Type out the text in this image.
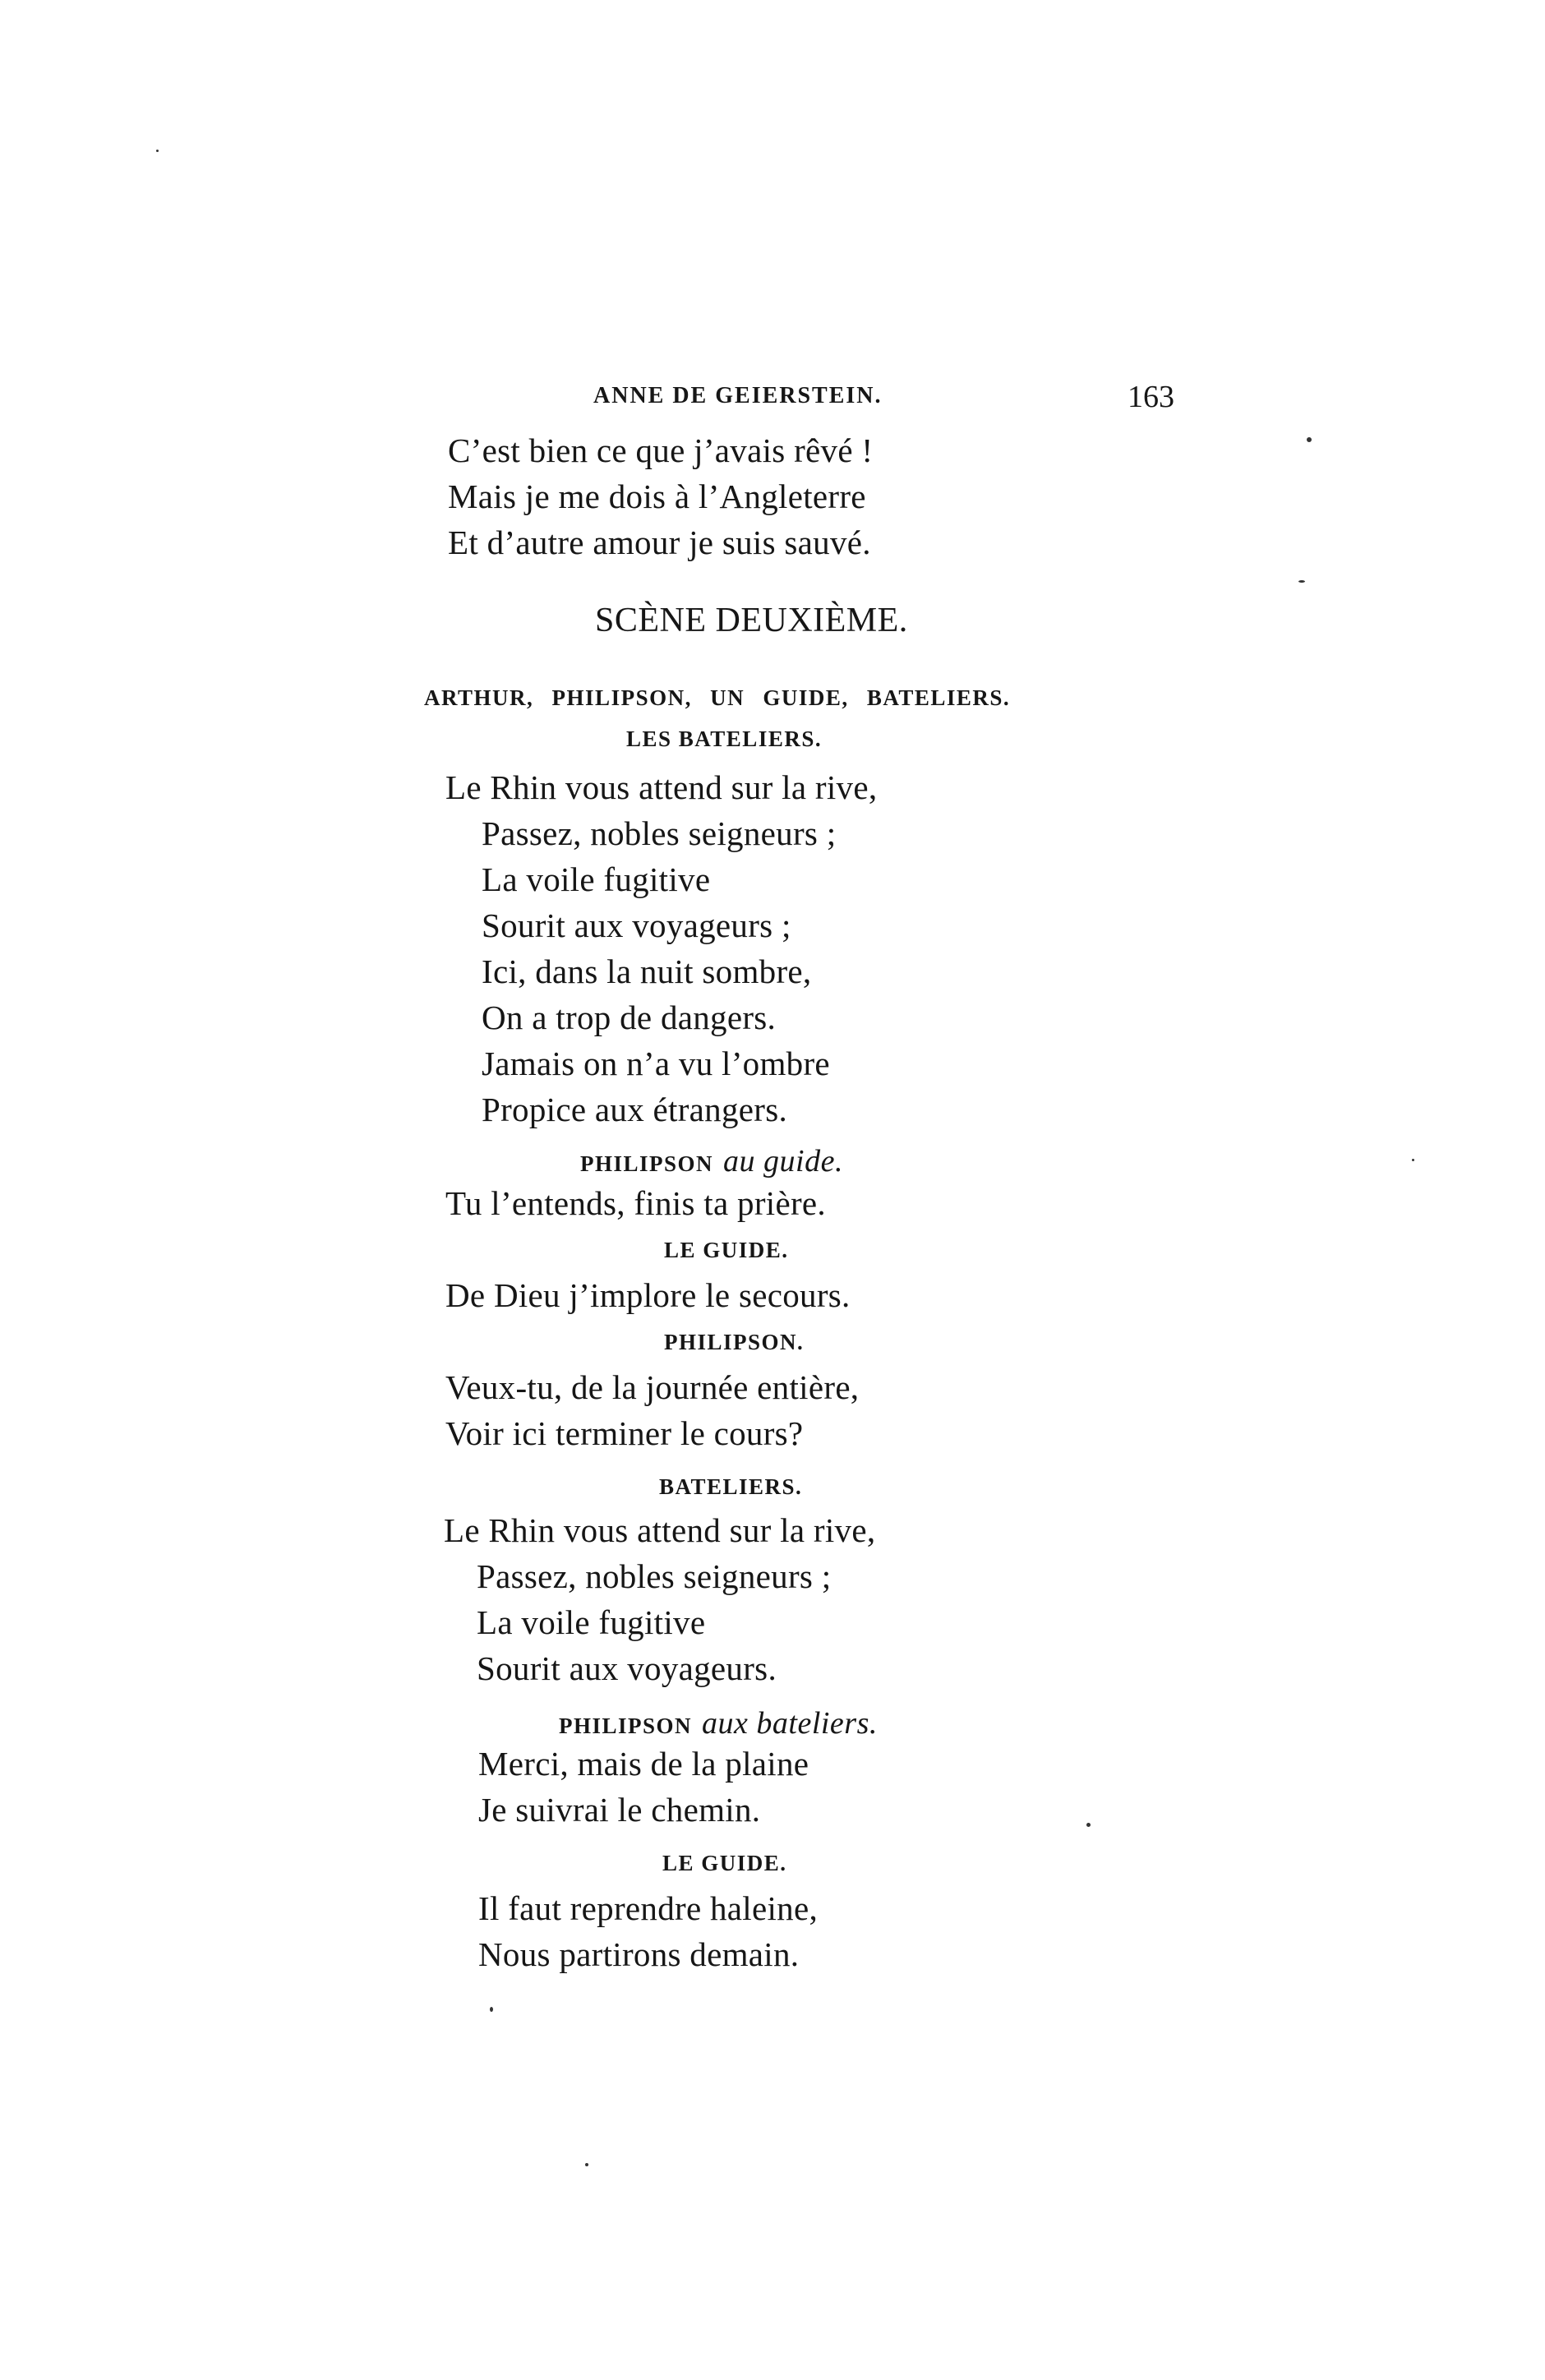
ANNE DE GEIERSTEIN.	163
C’est bien ce que j’avais rêvé !
Mais je me dois à l’Angleterre
Et d’autre amour je suis sauvé.
SCÈNE DEUXIÈME.
ARTHUR, PHILIPSON, UN GUIDE, BATELIERS.
LES BATELIERS.
Le Rhin vous attend sur la rive,
Passez, nobles seigneurs ;
La voile fugitive
Sourit aux voyageurs ;
Ici, dans la nuit sombre,
On a trop de dangers.
Jamais on n’a vu l’ombre
Propice aux étrangers.
PHILIPSON au guide.
Tu l’entends, finis ta prière.
LE GUIDE.
De Dieu j’implore le secours.
PHILIPSON.
Veux-tu, de la journée entière,
Voir ici terminer le cours?
BATELIERS.
Le Rhin vous attend sur la rive,
Passez, nobles seigneurs ;
La voile fugitive
Sourit aux voyageurs.
PHILIPSON aux bateliers.
Merci, mais de la plaine
Je suivrai le chemin.
LE GUIDE.
Il faut reprendre haleine,
Nous partirons demain.
